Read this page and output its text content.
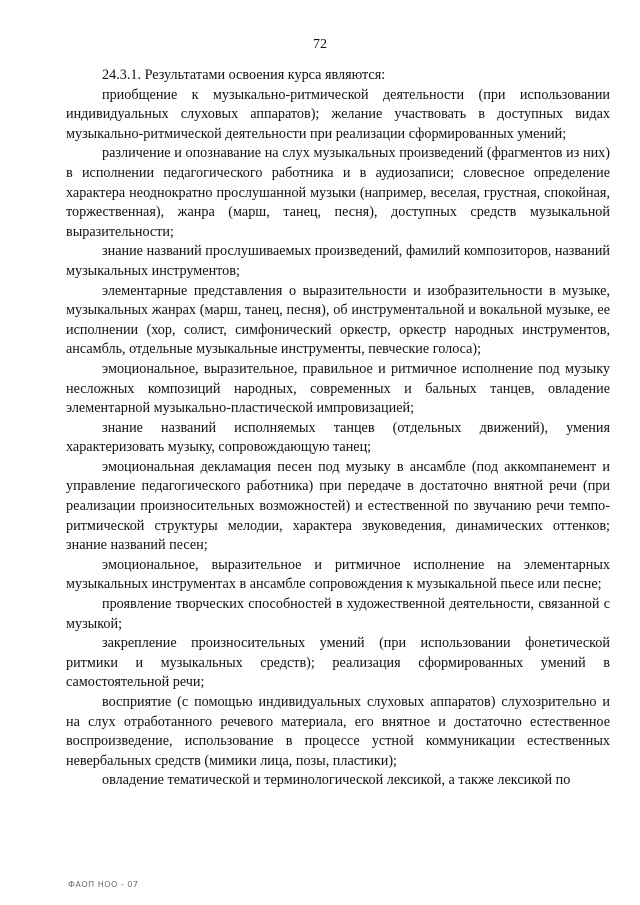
72

24.3.1. Результатами освоения курса являются:

приобщение к музыкально-ритмической деятельности (при использовании индивидуальных слуховых аппаратов); желание участвовать в доступных видах музыкально-ритмической деятельности при реализации сформированных умений;

различение и опознавание на слух музыкальных произведений (фрагментов из них) в исполнении педагогического работника и в аудиозаписи; словесное определение характера неоднократно прослушанной музыки (например, веселая, грустная, спокойная, торжественная), жанра (марш, танец, песня), доступных средств музыкальной выразительности;

знание названий прослушиваемых произведений, фамилий композиторов, названий музыкальных инструментов;

элементарные представления о выразительности и изобразительности в музыке, музыкальных жанрах (марш, танец, песня), об инструментальной и вокальной музыке, ее исполнении (хор, солист, симфонический оркестр, оркестр народных инструментов, ансамбль, отдельные музыкальные инструменты, певческие голоса);

эмоциональное, выразительное, правильное и ритмичное исполнение под музыку несложных композиций народных, современных и бальных танцев, овладение элементарной музыкально-пластической импровизацией;

знание названий исполняемых танцев (отдельных движений), умения характеризовать музыку, сопровождающую танец;

эмоциональная декламация песен под музыку в ансамбле (под аккомпанемент и управление педагогического работника) при передаче в достаточно внятной речи (при реализации произносительных возможностей) и естественной по звучанию речи темпо-ритмической структуры мелодии, характера звуковедения, динамических оттенков; знание названий песен;

эмоциональное, выразительное и ритмичное исполнение на элементарных музыкальных инструментах в ансамбле сопровождения к музыкальной пьесе или песне;

проявление творческих способностей в художественной деятельности, связанной с музыкой;

закрепление произносительных умений (при использовании фонетической ритмики и музыкальных средств); реализация сформированных умений в самостоятельной речи;

восприятие (с помощью индивидуальных слуховых аппаратов) слухозрительно и на слух отработанного речевого материала, его внятное и достаточно естественное воспроизведение, использование в процессе устной коммуникации естественных невербальных средств (мимики лица, позы, пластики);

овладение тематической и терминологической лексикой, а также лексикой по

ФАОП НОО - 07
